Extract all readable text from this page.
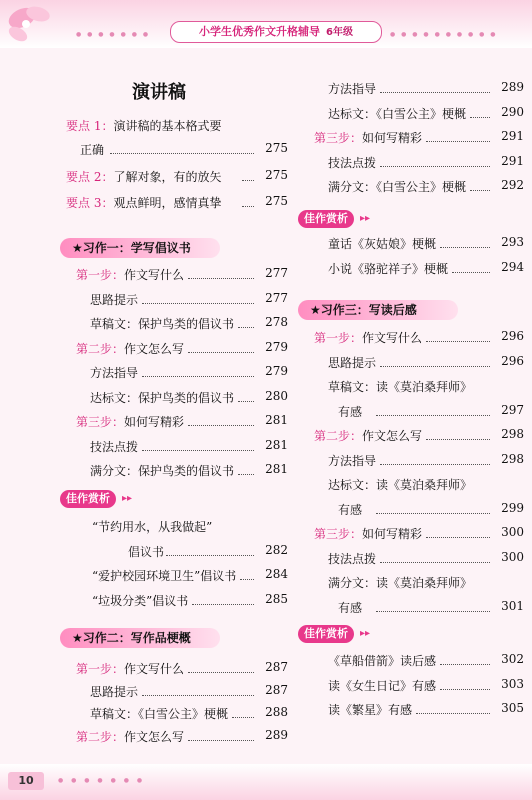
● ● ● ● ● ● ●	● ● ● ● ● ● ● ● ● ●
小学生优秀作文升格辅导 6年级
演讲稿
要点 1：演讲稿的基本格式要
正确	275
要点 2：了解对象，有的放矢	275
要点 3：观点鲜明，感情真挚	275
★习作一：学写倡议书
第一步：作文写什么	277
思路提示	277
草稿文：保护鸟类的倡议书	278
第二步：作文怎么写	279
方法指导	279
达标文：保护鸟类的倡议书	280
第三步：如何写精彩	281
技法点拨	281
满分文：保护鸟类的倡议书	281
佳作赏析	▸▸
“节约用水，从我做起”
倡议书	282
“爱护校园环境卫生”倡议书	284
“垃圾分类”倡议书	285
★习作二：写作品梗概
第一步：作文写什么	287
思路提示	287
草稿文：《白雪公主》梗概	288
第二步：作文怎么写	289
方法指导	289
达标文：《白雪公主》梗概	290
第三步：如何写精彩	291
技法点拨	291
满分文：《白雪公主》梗概	292
佳作赏析	▸▸
童话《灰姑娘》梗概	293
小说《骆驼祥子》梗概	294
★习作三：写读后感
第一步：作文写什么	296
思路提示	296
草稿文：读《莫泊桑拜师》
有感	297
第二步：作文怎么写	298
方法指导	298
达标文：读《莫泊桑拜师》
有感	299
第三步：如何写精彩	300
技法点拨	300
满分文：读《莫泊桑拜师》
有感	301
佳作赏析	▸▸
《草船借箭》读后感	302
读《女生日记》有感	303
读《繁星》有感	305
10	● ● ● ● ● ● ●
